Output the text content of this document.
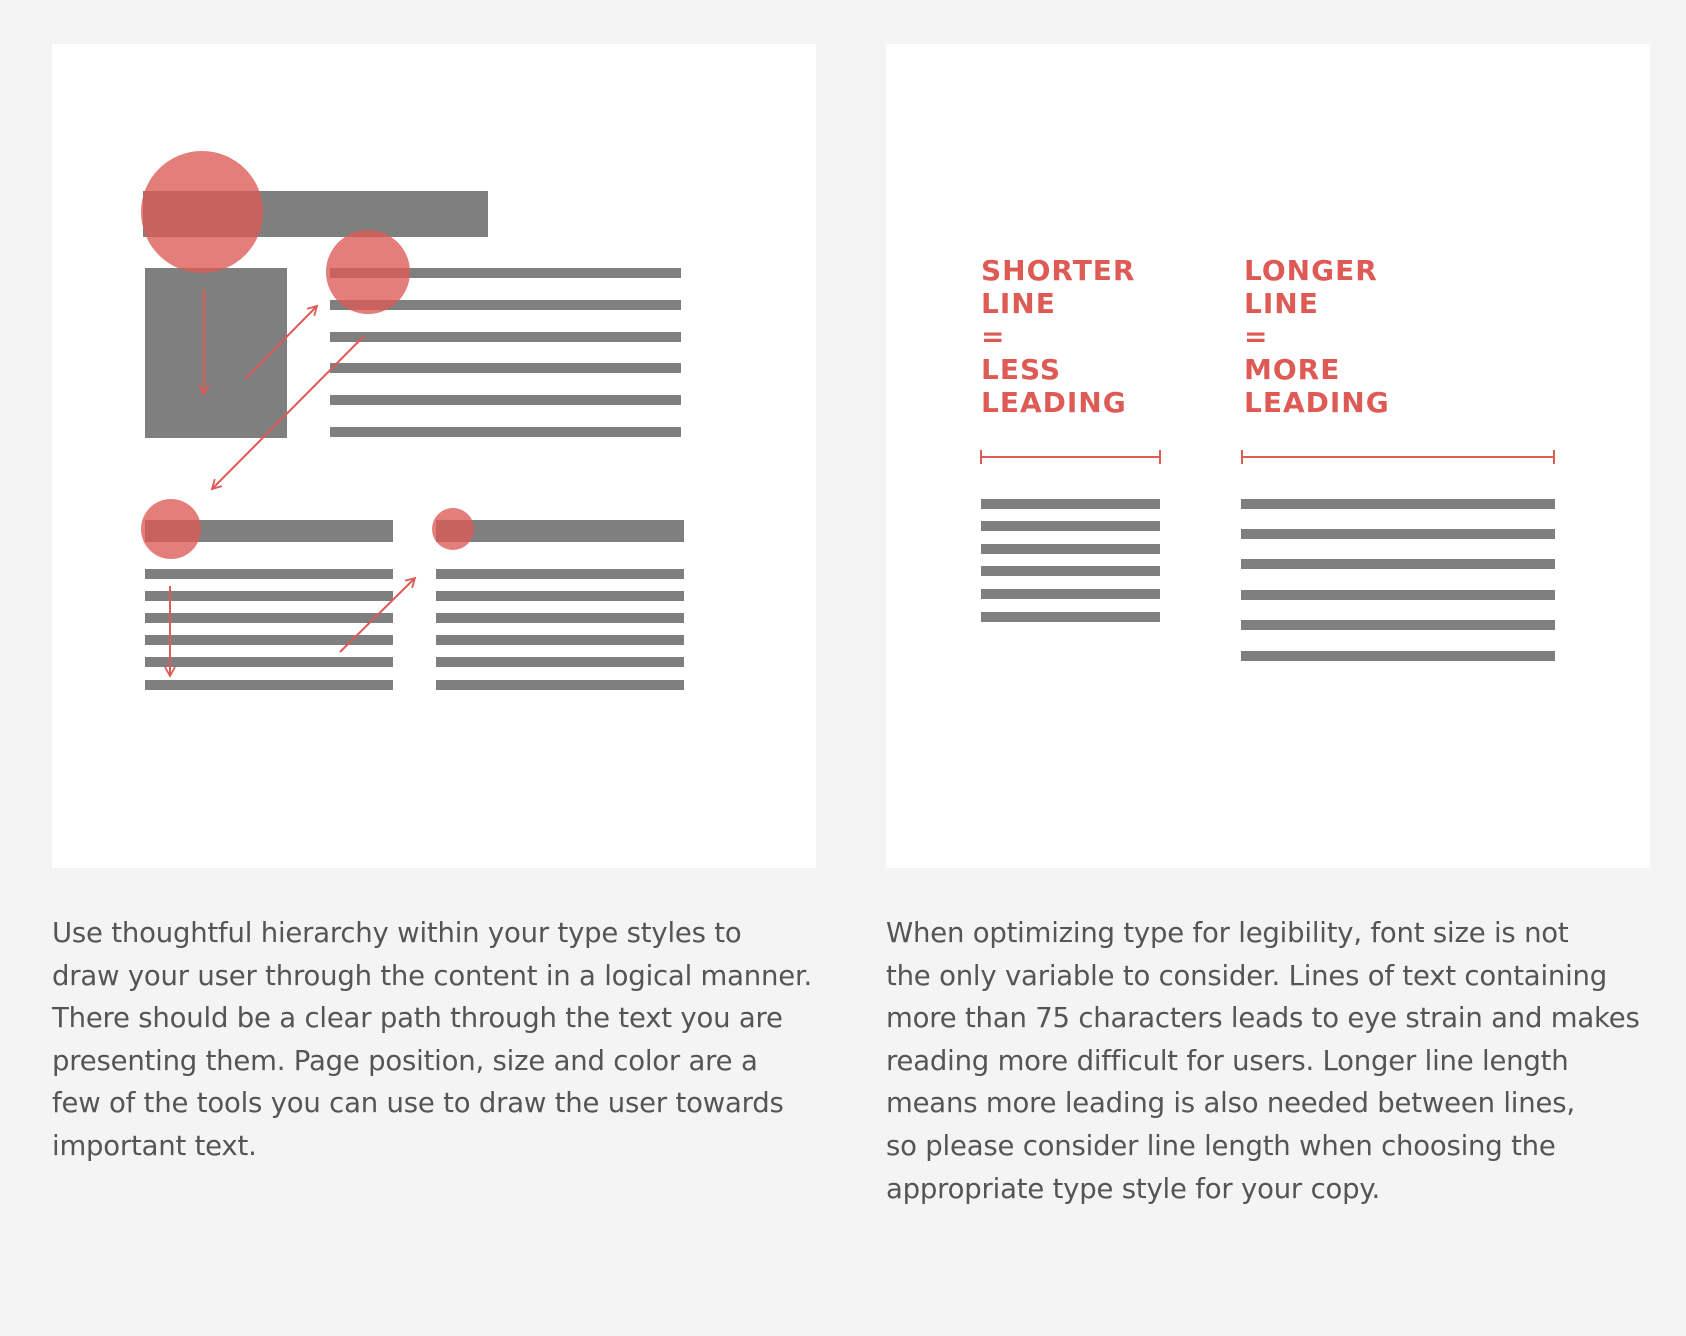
SHORTER LINE = LESS LEADING
LONGER LINE = MORE LEADING
Use thoughtful hierarchy within your type styles to
draw your user through the content in a logical manner.
There should be a clear path through the text you are
presenting them. Page position, size and color are a
few of the tools you can use to draw the user towards
important text.
When optimizing type for legibility, font size is not
the only variable to consider. Lines of text containing
more than 75 characters leads to eye strain and makes
reading more difficult for users. Longer line length
means more leading is also needed between lines,
so please consider line length when choosing the
appropriate type style for your copy.
